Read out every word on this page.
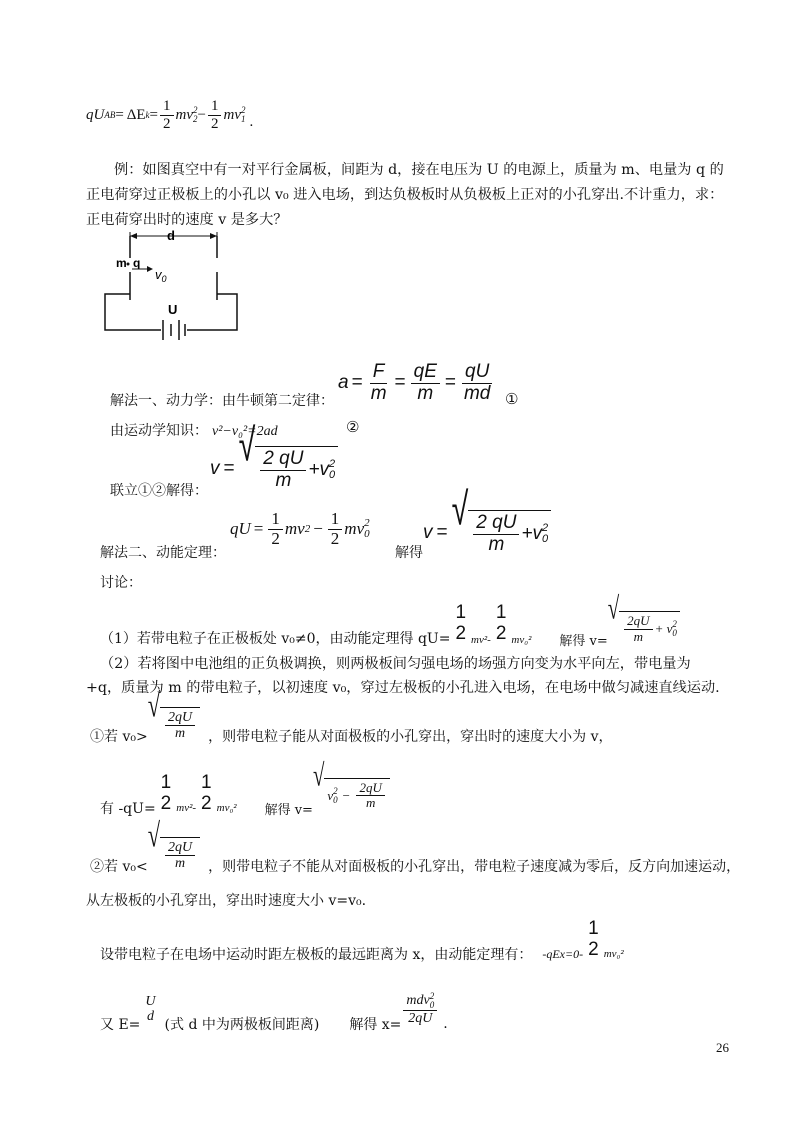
q U AB = ΔE $k = \frac{1}{2}$ mv 2
$2 - \frac{1}{2}$ mv 2
1 .
例：如图真空中有一对平行金属板，间距为 d，接在电压为 U 的电源上，质量为 m、电量为 q 的正电荷穿过正极板上的小孔以 v₀ 进入电场，到达负极板时从负极板上正对的小孔穿出.不计重力，求：正电荷穿出时的速度 v 是多大？
d
m q
$v_0$
U
解法一、动力学：由牛顿第二定律：
$a = \frac{F}{m} = \frac{qE}{m} = \frac{qU}{md}$ ①
由运动学知识： v²−v₀²=2ad	②
联立①②解得：
v = √ $\frac{2 qU}{m} +v$ 2
0
解法二、动能定理：
qU = $\frac{1}{2}$ mv $2 - \frac{1}{2}$ mv 2
0
解得
v = √ $\frac{2 qU}{m} +v$ 2
0
讨论：
（1）若带电粒子在正极板处 v₀≠0，由动能定理得 qU=
1
2 mv²-
1
2 mv₀² 解得 v=
√
$\frac{2qU}{m} + v$ 2
0
（2）若将图中电池组的正负极调换，则两极板间匀强电场的场强方向变为水平向左，带电量为 +q，质量为 m 的带电粒子，以初速度 v₀，穿过左极板的小孔进入电场，在电场中做匀减速直线运动.
①若 v₀>
√
$\frac{2qU}{m}$ ，则带电粒子能从对面极板的小孔穿出，穿出时的速度大小为 v，
有 -qU=
1
2 mv²-
1
2 mv₀² 解得 v=
√
v 2
$0 - \frac{2qU}{m}$
②若 v₀<
√
$\frac{2qU}{m}$ ，则带电粒子不能从对面极板的小孔穿出，带电粒子速度减为零后，反方向加速运动，
从左极板的小孔穿出，穿出时速度大小 v=v₀.
设带电粒子在电场中运动时距左极板的最远距离为 x，由动能定理有： -qEx=0-
1
2 mv₀²
又 E=
U
d
(式 d 中为两极板间距离) 解得 x= mdv 2
0
2qU .
26
